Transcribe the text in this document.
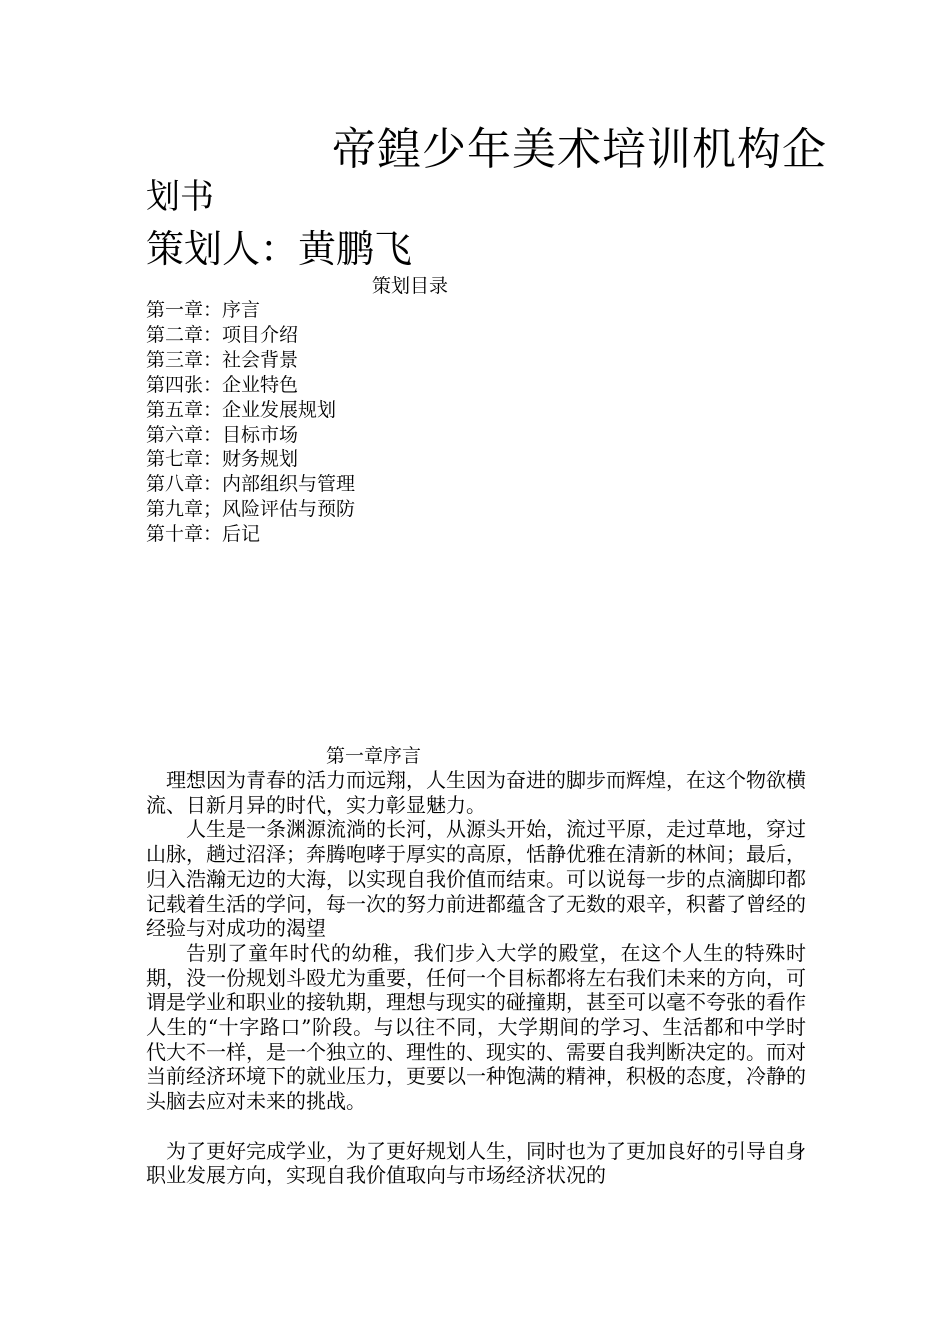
帝鍠少年美术培训机构企
划书
策划人：黄鹏飞
策划目录
第一章：序言
第二章：项目介绍
第三章：社会背景
第四张：企业特色
第五章：企业发展规划
第六章：目标市场
第七章：财务规划
第八章：内部组织与管理
第九章；风险评估与预防
第十章：后记
第一章序言

理想因为青春的活力而远翔，人生因为奋进的脚步而辉煌，在这个物欲横流、日新月异的时代，实力彰显魅力。

人生是一条渊源流淌的长河，从源头开始，流过平原，走过草地，穿过山脉，趟过沼泽；奔腾咆哮于厚实的高原，恬静优雅在清新的林间；最后，归入浩瀚无边的大海，以实现自我价值而结束。可以说每一步的点滴脚印都记载着生活的学问，每一次的努力前进都蕴含了无数的艰辛，积蓄了曾经的经验与对成功的渴望

告别了童年时代的幼稚，我们步入大学的殿堂，在这个人生的特殊时期，没一份规划斗殴尤为重要，任何一个目标都将左右我们未来的方向，可谓是学业和职业的接轨期，理想与现实的碰撞期，甚至可以毫不夸张的看作人生的“十字路口”阶段。与以往不同，大学期间的学习、生活都和中学时代大不一样，是一个独立的、理性的、现实的、需要自我判断决定的。而对当前经济环境下的就业压力，更要以一种饱满的精神，积极的态度，冷静的头脑去应对未来的挑战。

为了更好完成学业，为了更好规划人生，同时也为了更加良好的引导自身职业发展方向，实现自我价值取向与市场经济状况的
